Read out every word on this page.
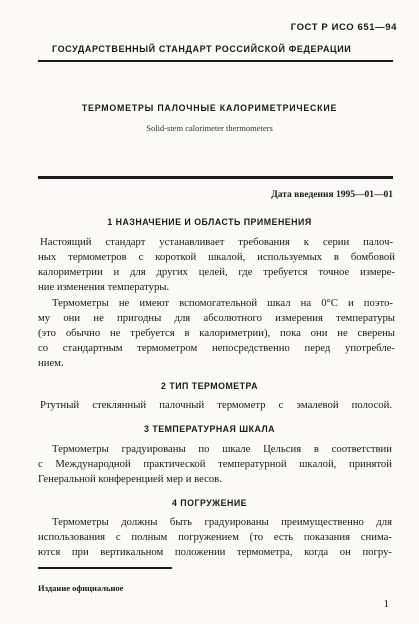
ГОСТ Р ИСО 651—94
ГОСУДАРСТВЕННЫЙ СТАНДАРТ РОССИЙСКОЙ ФЕДЕРАЦИИ
ТЕРМОМЕТРЫ ПАЛОЧНЫЕ КАЛОРИМЕТРИЧЕСКИЕ
Solid-stem calorimeter thermometers
Дата введения 1995—01—01
1 НАЗНАЧЕНИЕ И ОБЛАСТЬ ПРИМЕНЕНИЯ
Настоящий стандарт устанавливает требования к серии палоч-
ных термометров с короткой шкалой, используемых в бомбовой
калориметрии и для других целей, где требуется точное измере-
ние изменения температуры.
Термометры не имеют вспомогательной шкал на 0°С и поэто-
му они не пригодны для абсолютного измерения температуры
(это обычно не требуется в калориметрии), пока они не сверены
со стандартным термометром непосредственно перед употребле-
нием.
2 ТИП ТЕРМОМЕТРА
Ртутный стеклянный палочный термометр с эмалевой полосой.
3 ТЕМПЕРАТУРНАЯ ШКАЛА
Термометры градуированы по шкале Цельсия в соответствии
с Международной практической температурной шкалой, принятой
Генеральной конференцией мер и весов.
4 ПОГРУЖЕНИЕ
Термометры должны быть градуированы преимущественно для
использования с полным погружением (то есть показания снима-
ются при вертикальном положении термометра, когда он погру-
Издание официальное
1
